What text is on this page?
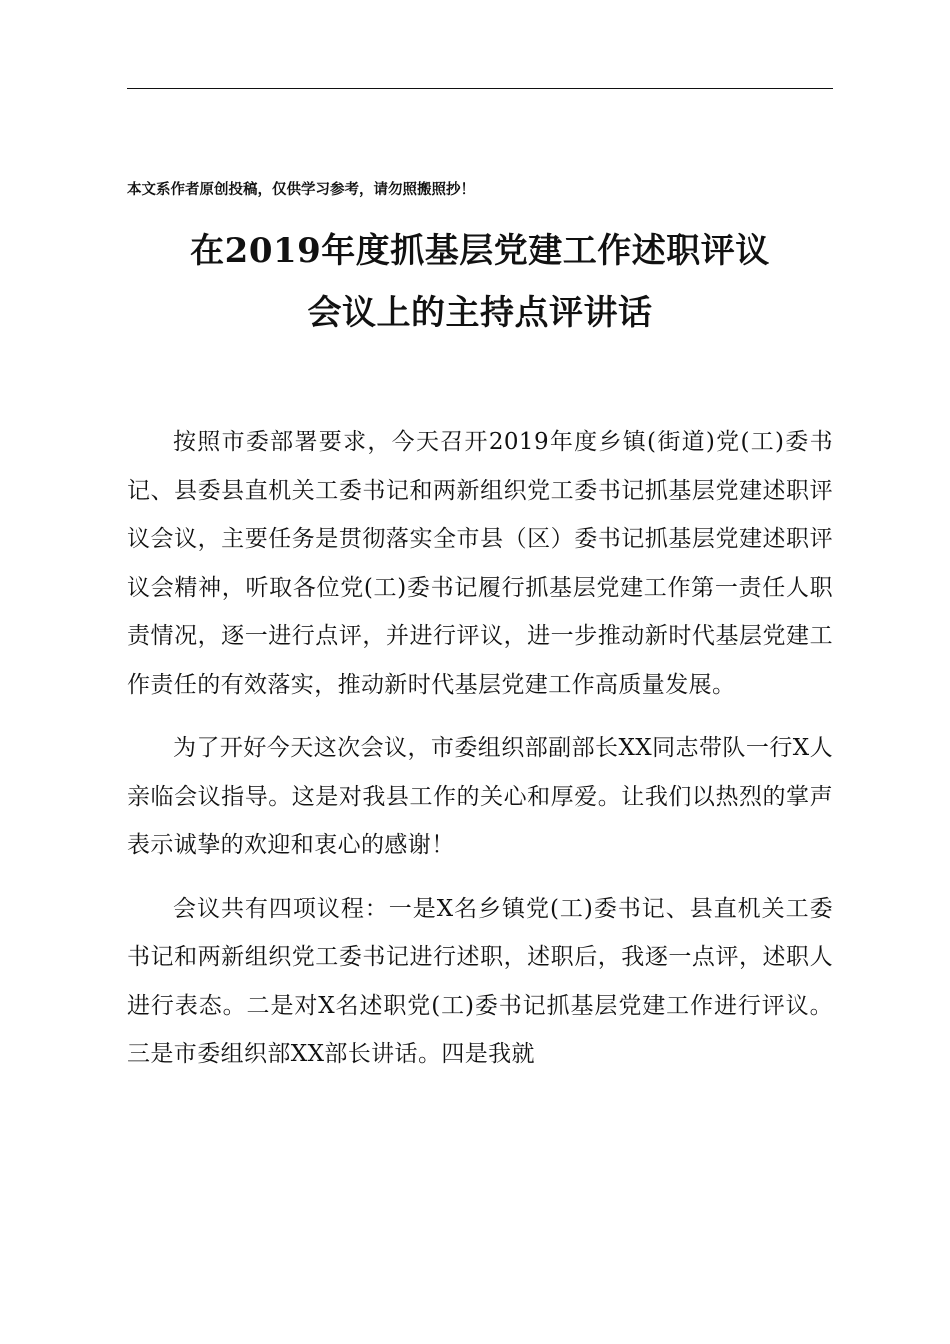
本文系作者原创投稿，仅供学习参考，请勿照搬照抄！
在2019年度抓基层党建工作述职评议
会议上的主持点评讲话

按照市委部署要求，今天召开2019年度乡镇(街道)党(工)委书记、县委县直机关工委书记和两新组织党工委书记抓基层党建述职评议会议，主要任务是贯彻落实全市县（区）委书记抓基层党建述职评议会精神，听取各位党(工)委书记履行抓基层党建工作第一责任人职责情况，逐一进行点评，并进行评议，进一步推动新时代基层党建工作责任的有效落实，推动新时代基层党建工作高质量发展。

为了开好今天这次会议，市委组织部副部长XX同志带队一行X人亲临会议指导。这是对我县工作的关心和厚爱。让我们以热烈的掌声表示诚挚的欢迎和衷心的感谢！

会议共有四项议程：一是X名乡镇党(工)委书记、县直机关工委书记和两新组织党工委书记进行述职，述职后，我逐一点评，述职人进行表态。二是对X名述职党(工)委书记抓基层党建工作进行评议。三是市委组织部XX部长讲话。四是我就
